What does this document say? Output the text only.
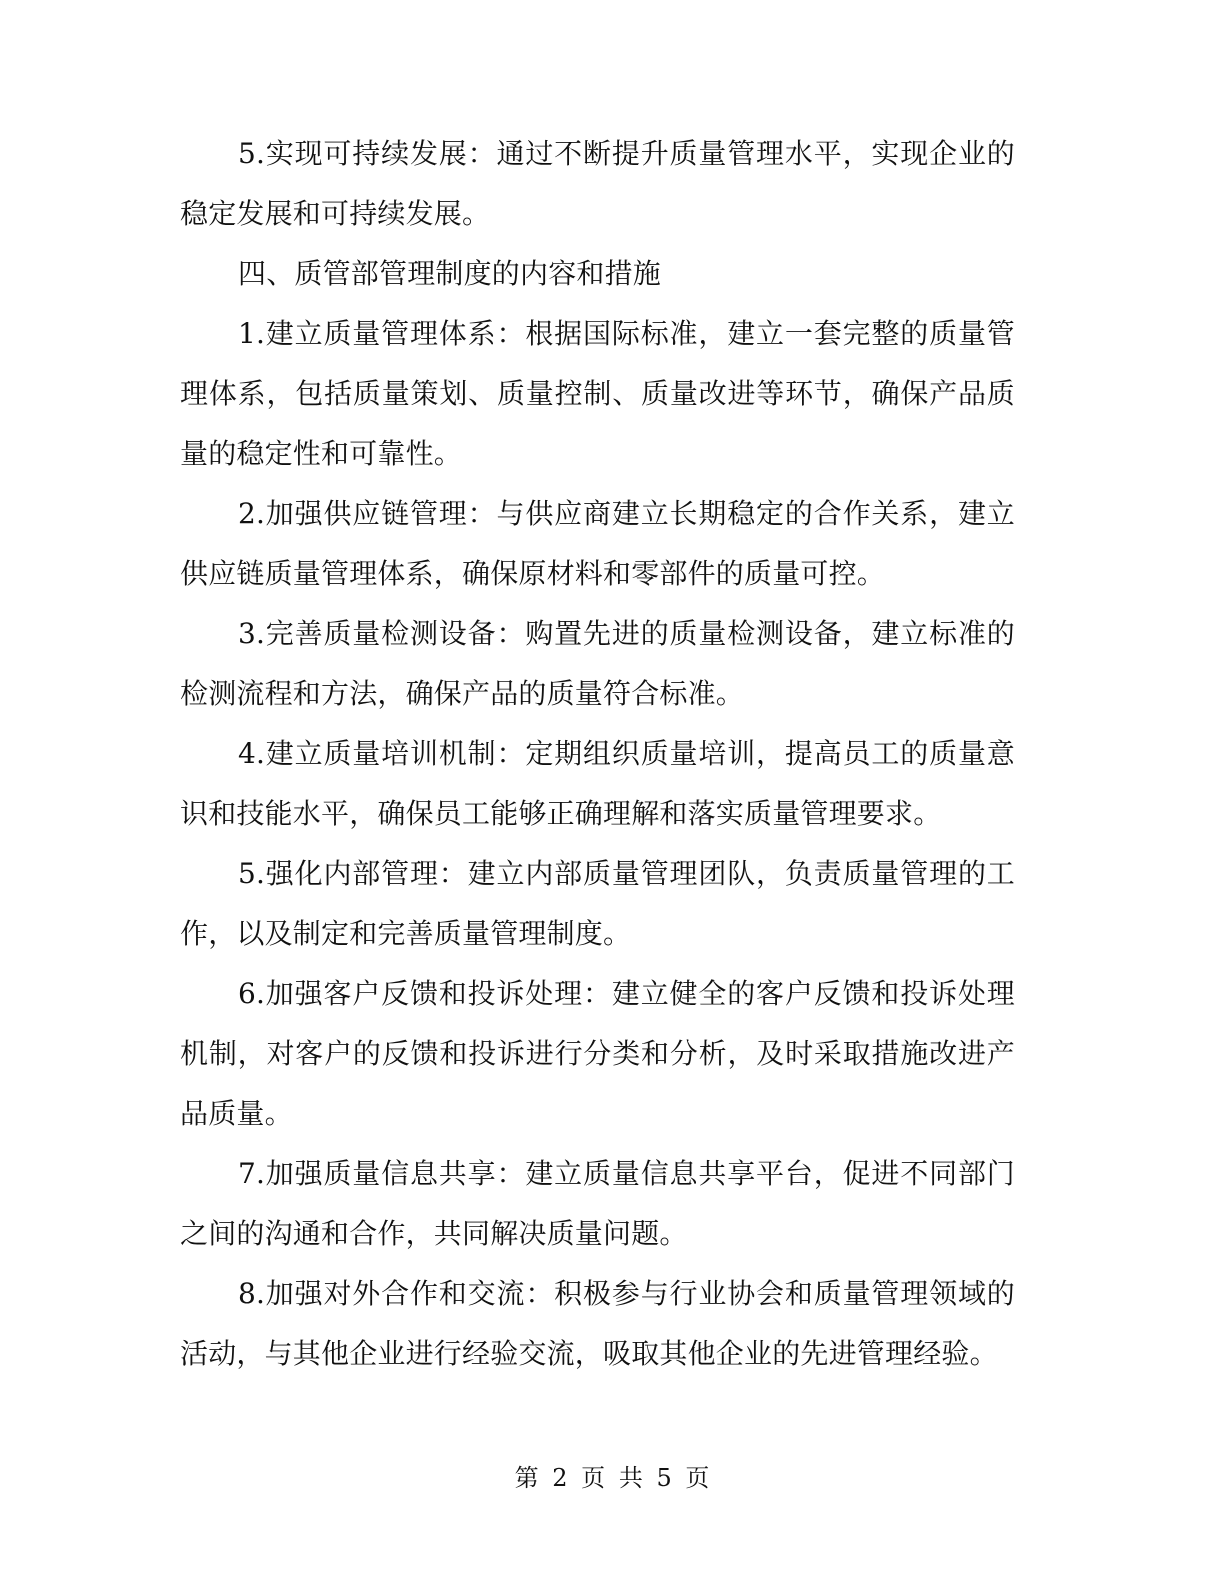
5.实现可持续发展：通过不断提升质量管理水平，实现企业的稳定发展和可持续发展。

四、质管部管理制度的内容和措施

1.建立质量管理体系：根据国际标准，建立一套完整的质量管理体系，包括质量策划、质量控制、质量改进等环节，确保产品质量的稳定性和可靠性。

2.加强供应链管理：与供应商建立长期稳定的合作关系，建立供应链质量管理体系，确保原材料和零部件的质量可控。

3.完善质量检测设备：购置先进的质量检测设备，建立标准的检测流程和方法，确保产品的质量符合标准。

4.建立质量培训机制：定期组织质量培训，提高员工的质量意识和技能水平，确保员工能够正确理解和落实质量管理要求。

5.强化内部管理：建立内部质量管理团队，负责质量管理的工作，以及制定和完善质量管理制度。

6.加强客户反馈和投诉处理：建立健全的客户反馈和投诉处理机制，对客户的反馈和投诉进行分类和分析，及时采取措施改进产品质量。

7.加强质量信息共享：建立质量信息共享平台，促进不同部门之间的沟通和合作，共同解决质量问题。

8.加强对外合作和交流：积极参与行业协会和质量管理领域的活动，与其他企业进行经验交流，吸取其他企业的先进管理经验。

第 2 页 共 5 页
